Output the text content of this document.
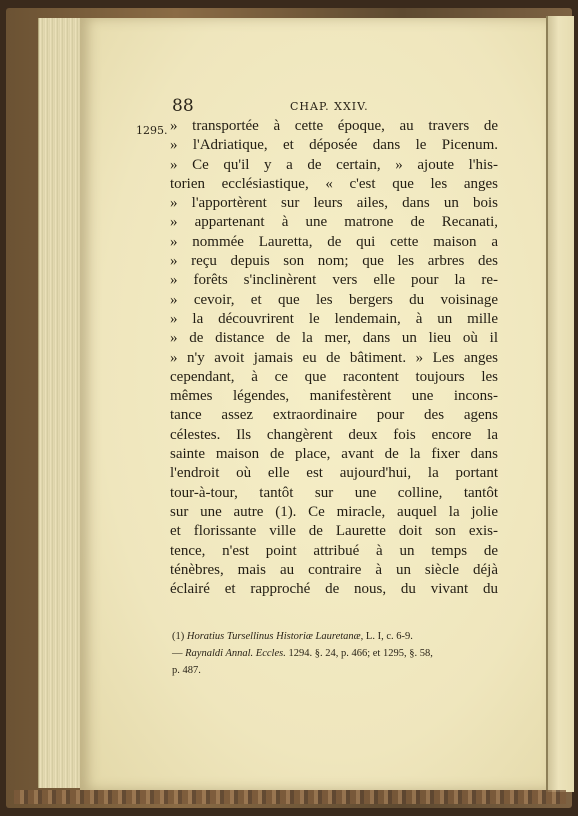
88	CHAP. XXIV.
1295. » transportée à cette époque, au travers de
» l'Adriatique, et déposée dans le Picenum.
» Ce qu'il y a de certain, » ajoute l'his-
torien ecclésiastique, « c'est que les anges
» l'apportèrent sur leurs ailes, dans un bois
» appartenant à une matrone de Recanati,
» nommée Lauretta, de qui cette maison a
» reçu depuis son nom; que les arbres des
» forêts s'inclinèrent vers elle pour la re-
» cevoir, et que les bergers du voisinage
» la découvrirent le lendemain, à un mille
» de distance de la mer, dans un lieu où il
» n'y avoit jamais eu de bâtiment. » Les anges
cependant, à ce que racontent toujours les
mêmes légendes, manifestèrent une incons-
tance assez extraordinaire pour des agens
célestes. Ils changèrent deux fois encore la
sainte maison de place, avant de la fixer dans
l'endroit où elle est aujourd'hui, la portant
tour-à-tour, tantôt sur une colline, tantôt
sur une autre (1). Ce miracle, auquel la jolie
et florissante ville de Laurette doit son exis-
tence, n'est point attribué à un temps de
ténèbres, mais au contraire à un siècle déjà
éclairé et rapproché de nous, du vivant du
(1) Horatius Tursellinus Historiæ Lauretanæ, L. I, c. 6-9.
— Raynaldi Annal. Eccles. 1294. §. 24, p. 466; et 1295, §. 58,
p. 487.
